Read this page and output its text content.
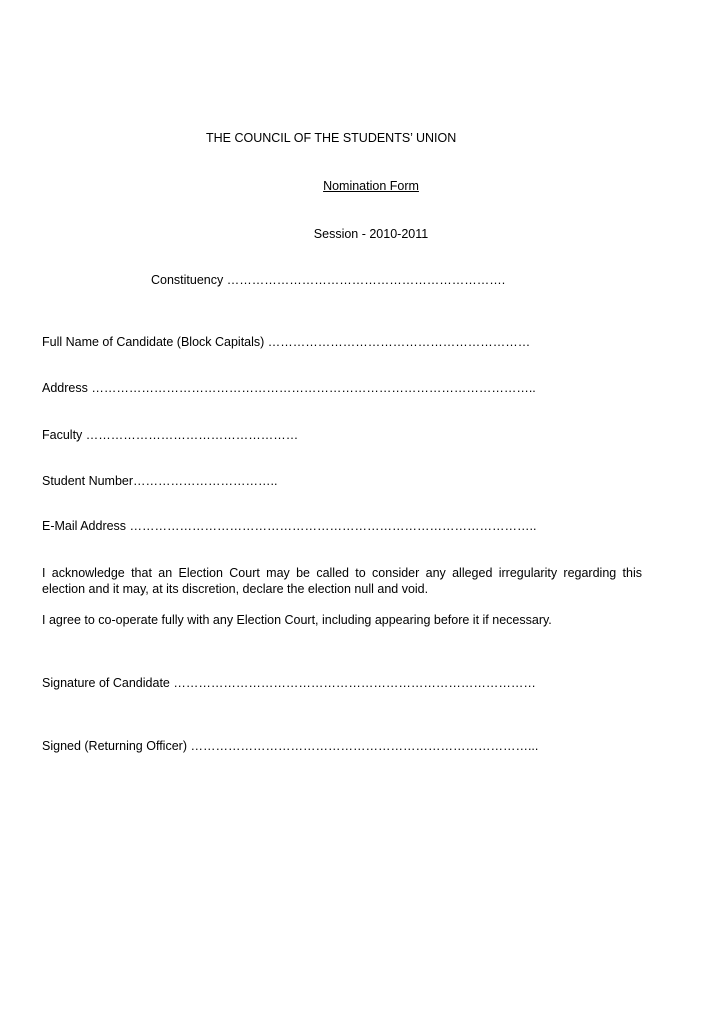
THE COUNCIL OF THE STUDENTS’ UNION
Nomination Form
Session - 2010-2011
Constituency ………………………………………………………….
Full Name of Candidate (Block Capitals) ………………………………………………………
Address ……………………………………………………………………………………………..
Faculty ……………………………………………
Student Number……………………………..
E-Mail Address ……………………………………………………………………………………..
I acknowledge that an Election Court may be called to consider any alleged irregularity regarding this election and it may, at its discretion, declare the election null and void.
I agree to co-operate fully with any Election Court, including appearing before it if necessary.
Signature of Candidate ……………………………………………………………………………
Signed (Returning Officer) ………………………………………………………………………...
